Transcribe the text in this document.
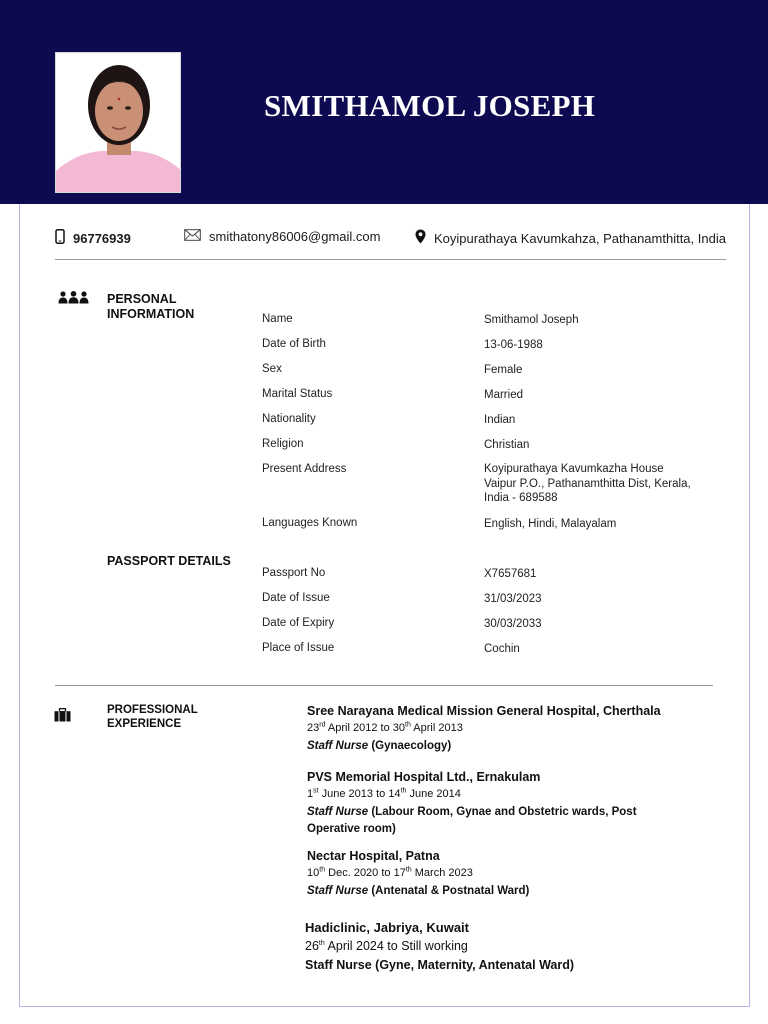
SMITHAMOL JOSEPH
96776939	smithatony86006@gmail.com	Koyipurathaya Kavumkahza, Pathanamthitta, India
PERSONAL
INFORMATION	Name	Smithamol Joseph
Date of Birth	13-06-1988
Sex	Female
Marital Status	Married
Nationality	Indian
Religion	Christian
Present Address	Koyipurathaya Kavumkazha House
Vaipur P.O., Pathanamthitta Dist, Kerala,
India - 689588
Languages Known	English, Hindi, Malayalam
PASSPORT DETAILS
Passport No	X7657681
Date of Issue	31/03/2023
Date of Expiry	30/03/2033
Place of Issue	Cochin
PROFESSIONAL
EXPERIENCE
Sree Narayana Medical Mission General Hospital, Cherthala
23rd April 2012 to 30th April 2013
Staff Nurse (Gynaecology)
PVS Memorial Hospital Ltd., Ernakulam
1st June 2013 to 14th June 2014
Staff Nurse (Labour Room, Gynae and Obstetric wards, Post Operative room)
Nectar Hospital, Patna
10th Dec. 2020 to 17th March 2023
Staff Nurse (Antenatal & Postnatal Ward)
Hadiclinic, Jabriya, Kuwait
26th April 2024 to Still working
Staff Nurse (Gyne, Maternity, Antenatal Ward)
